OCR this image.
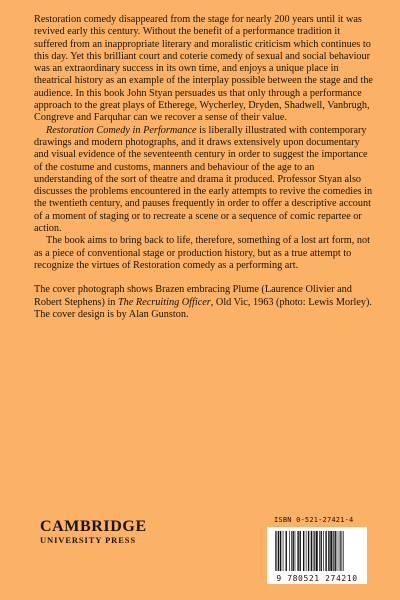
Restoration comedy disappeared from the stage for nearly 200 years until it was revived early this century. Without the benefit of a performance tradition it suffered from an inappropriate literary and moralistic criticism which continues to this day. Yet this brilliant court and coterie comedy of sexual and social behaviour was an extraordinary success in its own time, and enjoys a unique place in theatrical history as an example of the interplay possible between the stage and the audience. In this book John Styan persuades us that only through a performance approach to the great plays of Etherege, Wycherley, Dryden, Shadwell, Vanbrugh, Congreve and Farquhar can we recover a sense of their value.

Restoration Comedy in Performance is liberally illustrated with contemporary drawings and modern photographs, and it draws extensively upon documentary and visual evidence of the seventeenth century in order to suggest the importance of the costume and customs, manners and behaviour of the age to an understanding of the sort of theatre and drama it produced. Professor Styan also discusses the problems encountered in the early attempts to revive the comedies in the twentieth century, and pauses frequently in order to offer a descriptive account of a moment of staging or to recreate a scene or a sequence of comic repartee or action.

The book aims to bring back to life, therefore, something of a lost art form, not as a piece of conventional stage or production history, but as a true attempt to recognize the virtues of Restoration comedy as a performing art.

The cover photograph shows Brazen embracing Plume (Laurence Olivier and Robert Stephens) in The Recruiting Officer, Old Vic, 1963 (photo: Lewis Morley). The cover design is by Alan Gunston.

CAMBRIDGE
UNIVERSITY PRESS
ISBN 0-521-27421-4
9 780521 274210
